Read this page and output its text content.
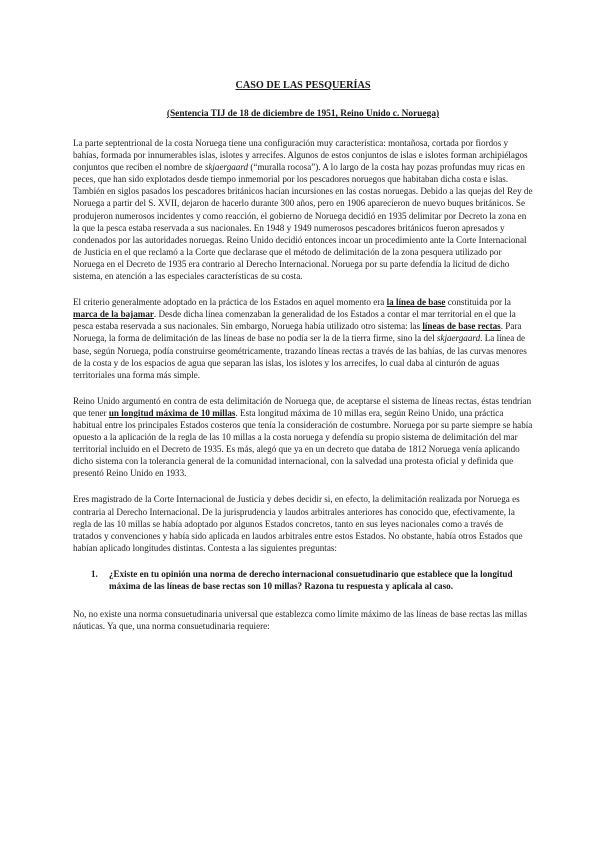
CASO DE LAS PESQUERÍAS
(Sentencia TIJ de 18 de diciembre de 1951, Reino Unido c. Noruega)

La parte septentrional de la costa Noruega tiene una configuración muy característica: montañosa, cortada por fiordos y bahías, formada por innumerables islas, islotes y arrecifes. Algunos de estos conjuntos de islas e islotes forman archipiélagos conjuntos que reciben el nombre de skjaergaard (“muralla rocosa”). A lo largo de la costa hay pozas profundas muy ricas en peces, que han sido explotados desde tiempo inmemorial por los pescadores noruegos que habitaban dicha costa e islas. También en siglos pasados los pescadores británicos hacían incursiones en las costas noruegas. Debido a las quejas del Rey de Noruega a partir del S. XVII, dejaron de hacerlo durante 300 años, pero en 1906 aparecieron de nuevo buques británicos. Se produjeron numerosos incidentes y como reacción, el gobierno de Noruega decidió en 1935 delimitar por Decreto la zona en la que la pesca estaba reservada a sus nacionales. En 1948 y 1949 numerosos pescadores británicos fueron apresados y condenados por las autoridades noruegas. Reino Unido decidió entonces incoar un procedimiento ante la Corte Internacional de Justicia en el que reclamó a la Corte que declarase que el método de delimitación de la zona pesquera utilizado por Noruega en el Decreto de 1935 era contrario al Derecho Internacional. Noruega por su parte defendía la licitud de dicho sistema, en atención a las especiales características de su costa.

El criterio generalmente adoptado en la práctica de los Estados en aquel momento era la línea de base constituida por la marca de la bajamar. Desde dicha línea comenzaban la generalidad de los Estados a contar el mar territorial en el que la pesca estaba reservada a sus nacionales. Sin embargo, Noruega había utilizado otro sistema: las líneas de base rectas. Para Noruega, la forma de delimitación de las líneas de base no podía ser la de la tierra firme, sino la del skjaergaard. La línea de base, según Noruega, podía construirse geométricamente, trazando líneas rectas a través de las bahías, de las curvas menores de la costa y de los espacios de agua que separan las islas, los islotes y los arrecifes, lo cual daba al cinturón de aguas territoriales una forma más simple.

Reino Unido argumentó en contra de esta delimitación de Noruega que, de aceptarse el sistema de líneas rectas, éstas tendrían que tener un longitud máxima de 10 millas. Esta longitud máxima de 10 millas era, según Reino Unido, una práctica habitual entre los principales Estados costeros que tenía la consideración de costumbre. Noruega por su parte siempre se había opuesto a la aplicación de la regla de las 10 millas a la costa noruega y defendía su propio sistema de delimitación del mar territorial incluido en el Decreto de 1935. Es más, alegó que ya en un decreto que databa de 1812 Noruega venía aplicando dicho sistema con la tolerancia general de la comunidad internacional, con la salvedad una protesta oficial y definida que presentó Reino Unido en 1933.

Eres magistrado de la Corte Internacional de Justicia y debes decidir si, en efecto, la delimitación realizada por Noruega es contraria al Derecho Internacional. De la jurisprudencia y laudos arbitrales anteriores has conocido que, efectivamente, la regla de las 10 millas se había adoptado por algunos Estados concretos, tanto en sus leyes nacionales como a través de tratados y convenciones y había sido aplicada en laudos arbitrales entre estos Estados. No obstante, había otros Estados que habían aplicado longitudes distintas. Contesta a las siguientes preguntas:

1.	¿Existe en tu opinión una norma de derecho internacional consuetudinario que establece que la longitud máxima de las líneas de base rectas son 10 millas? Razona tu respuesta y aplícala al caso.

No, no existe una norma consuetudinaria universal que establezca como límite máximo de las líneas de base rectas las millas náuticas. Ya que, una norma consuetudinaria requiere:
